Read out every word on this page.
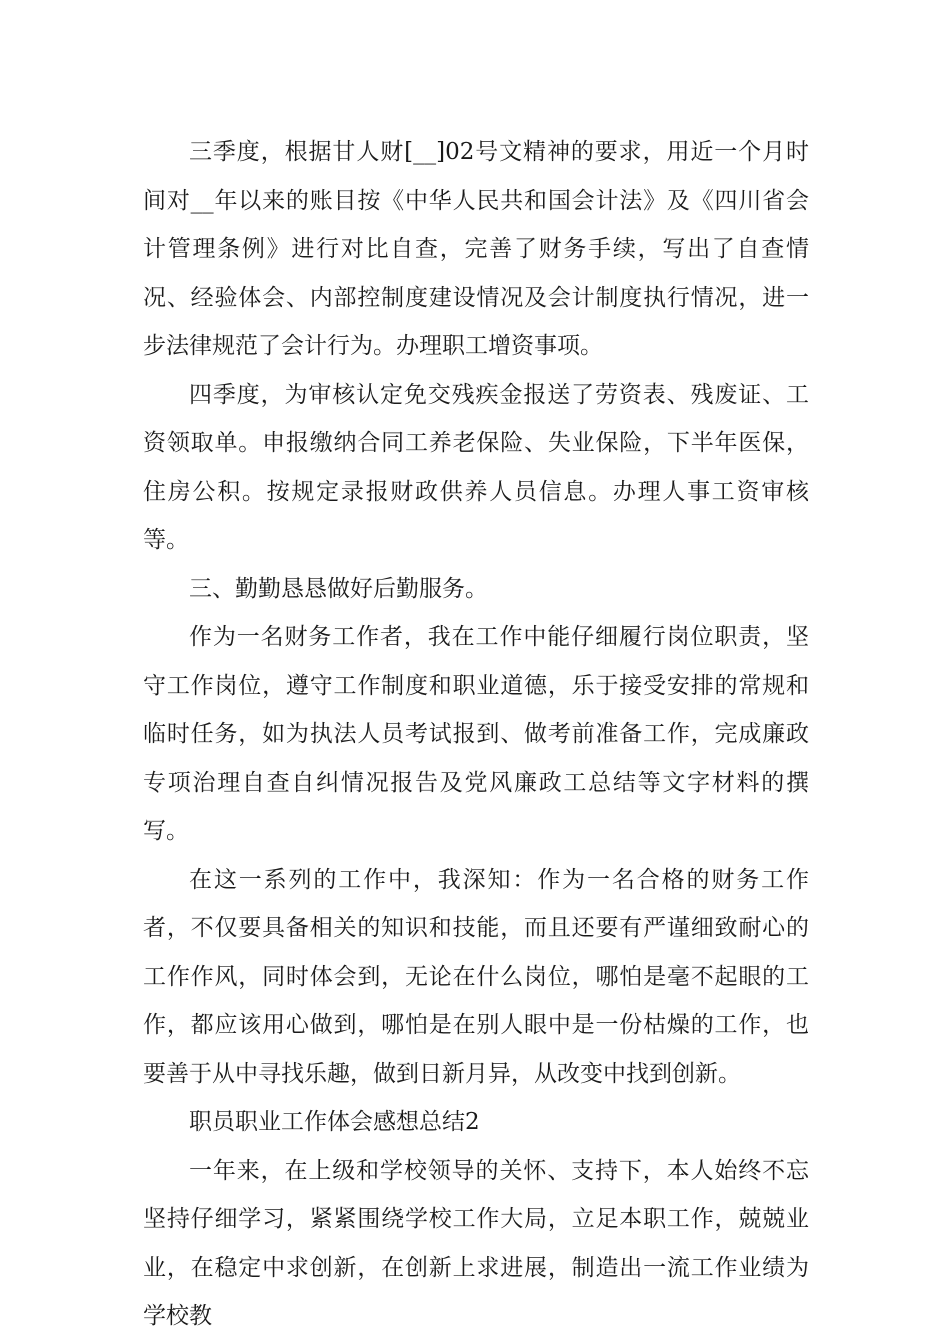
三季度，根据甘人财[__]02号文精神的要求，用近一个月时间对__年以来的账目按《中华人民共和国会计法》及《四川省会计管理条例》进行对比自查，完善了财务手续，写出了自查情况、经验体会、内部控制度建设情况及会计制度执行情况，进一步法律规范了会计行为。办理职工增资事项。

四季度，为审核认定免交残疾金报送了劳资表、残废证、工资领取单。申报缴纳合同工养老保险、失业保险，下半年医保，住房公积。按规定录报财政供养人员信息。办理人事工资审核等。

三、勤勤恳恳做好后勤服务。

作为一名财务工作者，我在工作中能仔细履行岗位职责，坚守工作岗位，遵守工作制度和职业道德，乐于接受安排的常规和临时任务，如为执法人员考试报到、做考前准备工作，完成廉政专项治理自查自纠情况报告及党风廉政工总结等文字材料的撰写。

在这一系列的工作中，我深知：作为一名合格的财务工作者，不仅要具备相关的知识和技能，而且还要有严谨细致耐心的工作作风，同时体会到，无论在什么岗位，哪怕是毫不起眼的工作，都应该用心做到，哪怕是在别人眼中是一份枯燥的工作，也要善于从中寻找乐趣，做到日新月异，从改变中找到创新。

职员职业工作体会感想总结2

一年来，在上级和学校领导的关怀、支持下，本人始终不忘坚持仔细学习，紧紧围绕学校工作大局，立足本职工作，兢兢业业，在稳定中求创新，在创新上求进展，制造出一流工作业绩为学校教
